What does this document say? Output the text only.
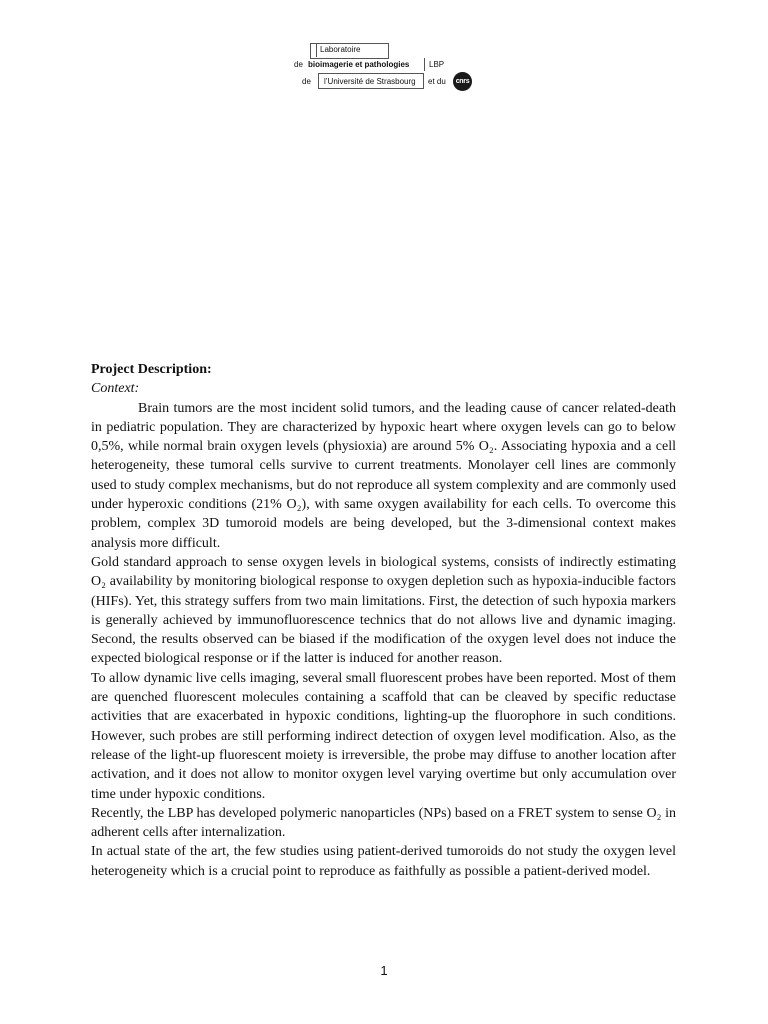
Laboratoire
de bioimagerie et pathologies LBP
de l’Université de Strasbourg et du	cnrs

Project Description:

Context:

Brain tumors are the most incident solid tumors, and the leading cause of cancer related-death in pediatric population. They are characterized by hypoxic heart where oxygen levels can go to below 0,5%, while normal brain oxygen levels (physioxia) are around 5% O₂. Associating hypoxia and a cell heterogeneity, these tumoral cells survive to current treatments. Monolayer cell lines are commonly used to study complex mechanisms, but do not reproduce all system complexity and are commonly used under hyperoxic conditions (21% O₂), with same oxygen availability for each cells. To overcome this problem, complex 3D tumoroid models are being developed, but the 3-dimensional context makes analysis more difficult.

Gold standard approach to sense oxygen levels in biological systems, consists of indirectly estimating O₂ availability by monitoring biological response to oxygen depletion such as hypoxia-inducible factors (HIFs). Yet, this strategy suffers from two main limitations. First, the detection of such hypoxia markers is generally achieved by immunofluorescence technics that do not allows live and dynamic imaging. Second, the results observed can be biased if the modification of the oxygen level does not induce the expected biological response or if the latter is induced for another reason.

To allow dynamic live cells imaging, several small fluorescent probes have been reported. Most of them are quenched fluorescent molecules containing a scaffold that can be cleaved by specific reductase activities that are exacerbated in hypoxic conditions, lighting-up the fluorophore in such conditions. However, such probes are still performing indirect detection of oxygen level modification. Also, as the release of the light-up fluorescent moiety is irreversible, the probe may diffuse to another location after activation, and it does not allow to monitor oxygen level varying overtime but only accumulation over time under hypoxic conditions.

Recently, the LBP has developed polymeric nanoparticles (NPs) based on a FRET system to sense O₂ in adherent cells after internalization.

In actual state of the art, the few studies using patient-derived tumoroids do not study the oxygen level heterogeneity which is a crucial point to reproduce as faithfully as possible a patient-derived model.

1
